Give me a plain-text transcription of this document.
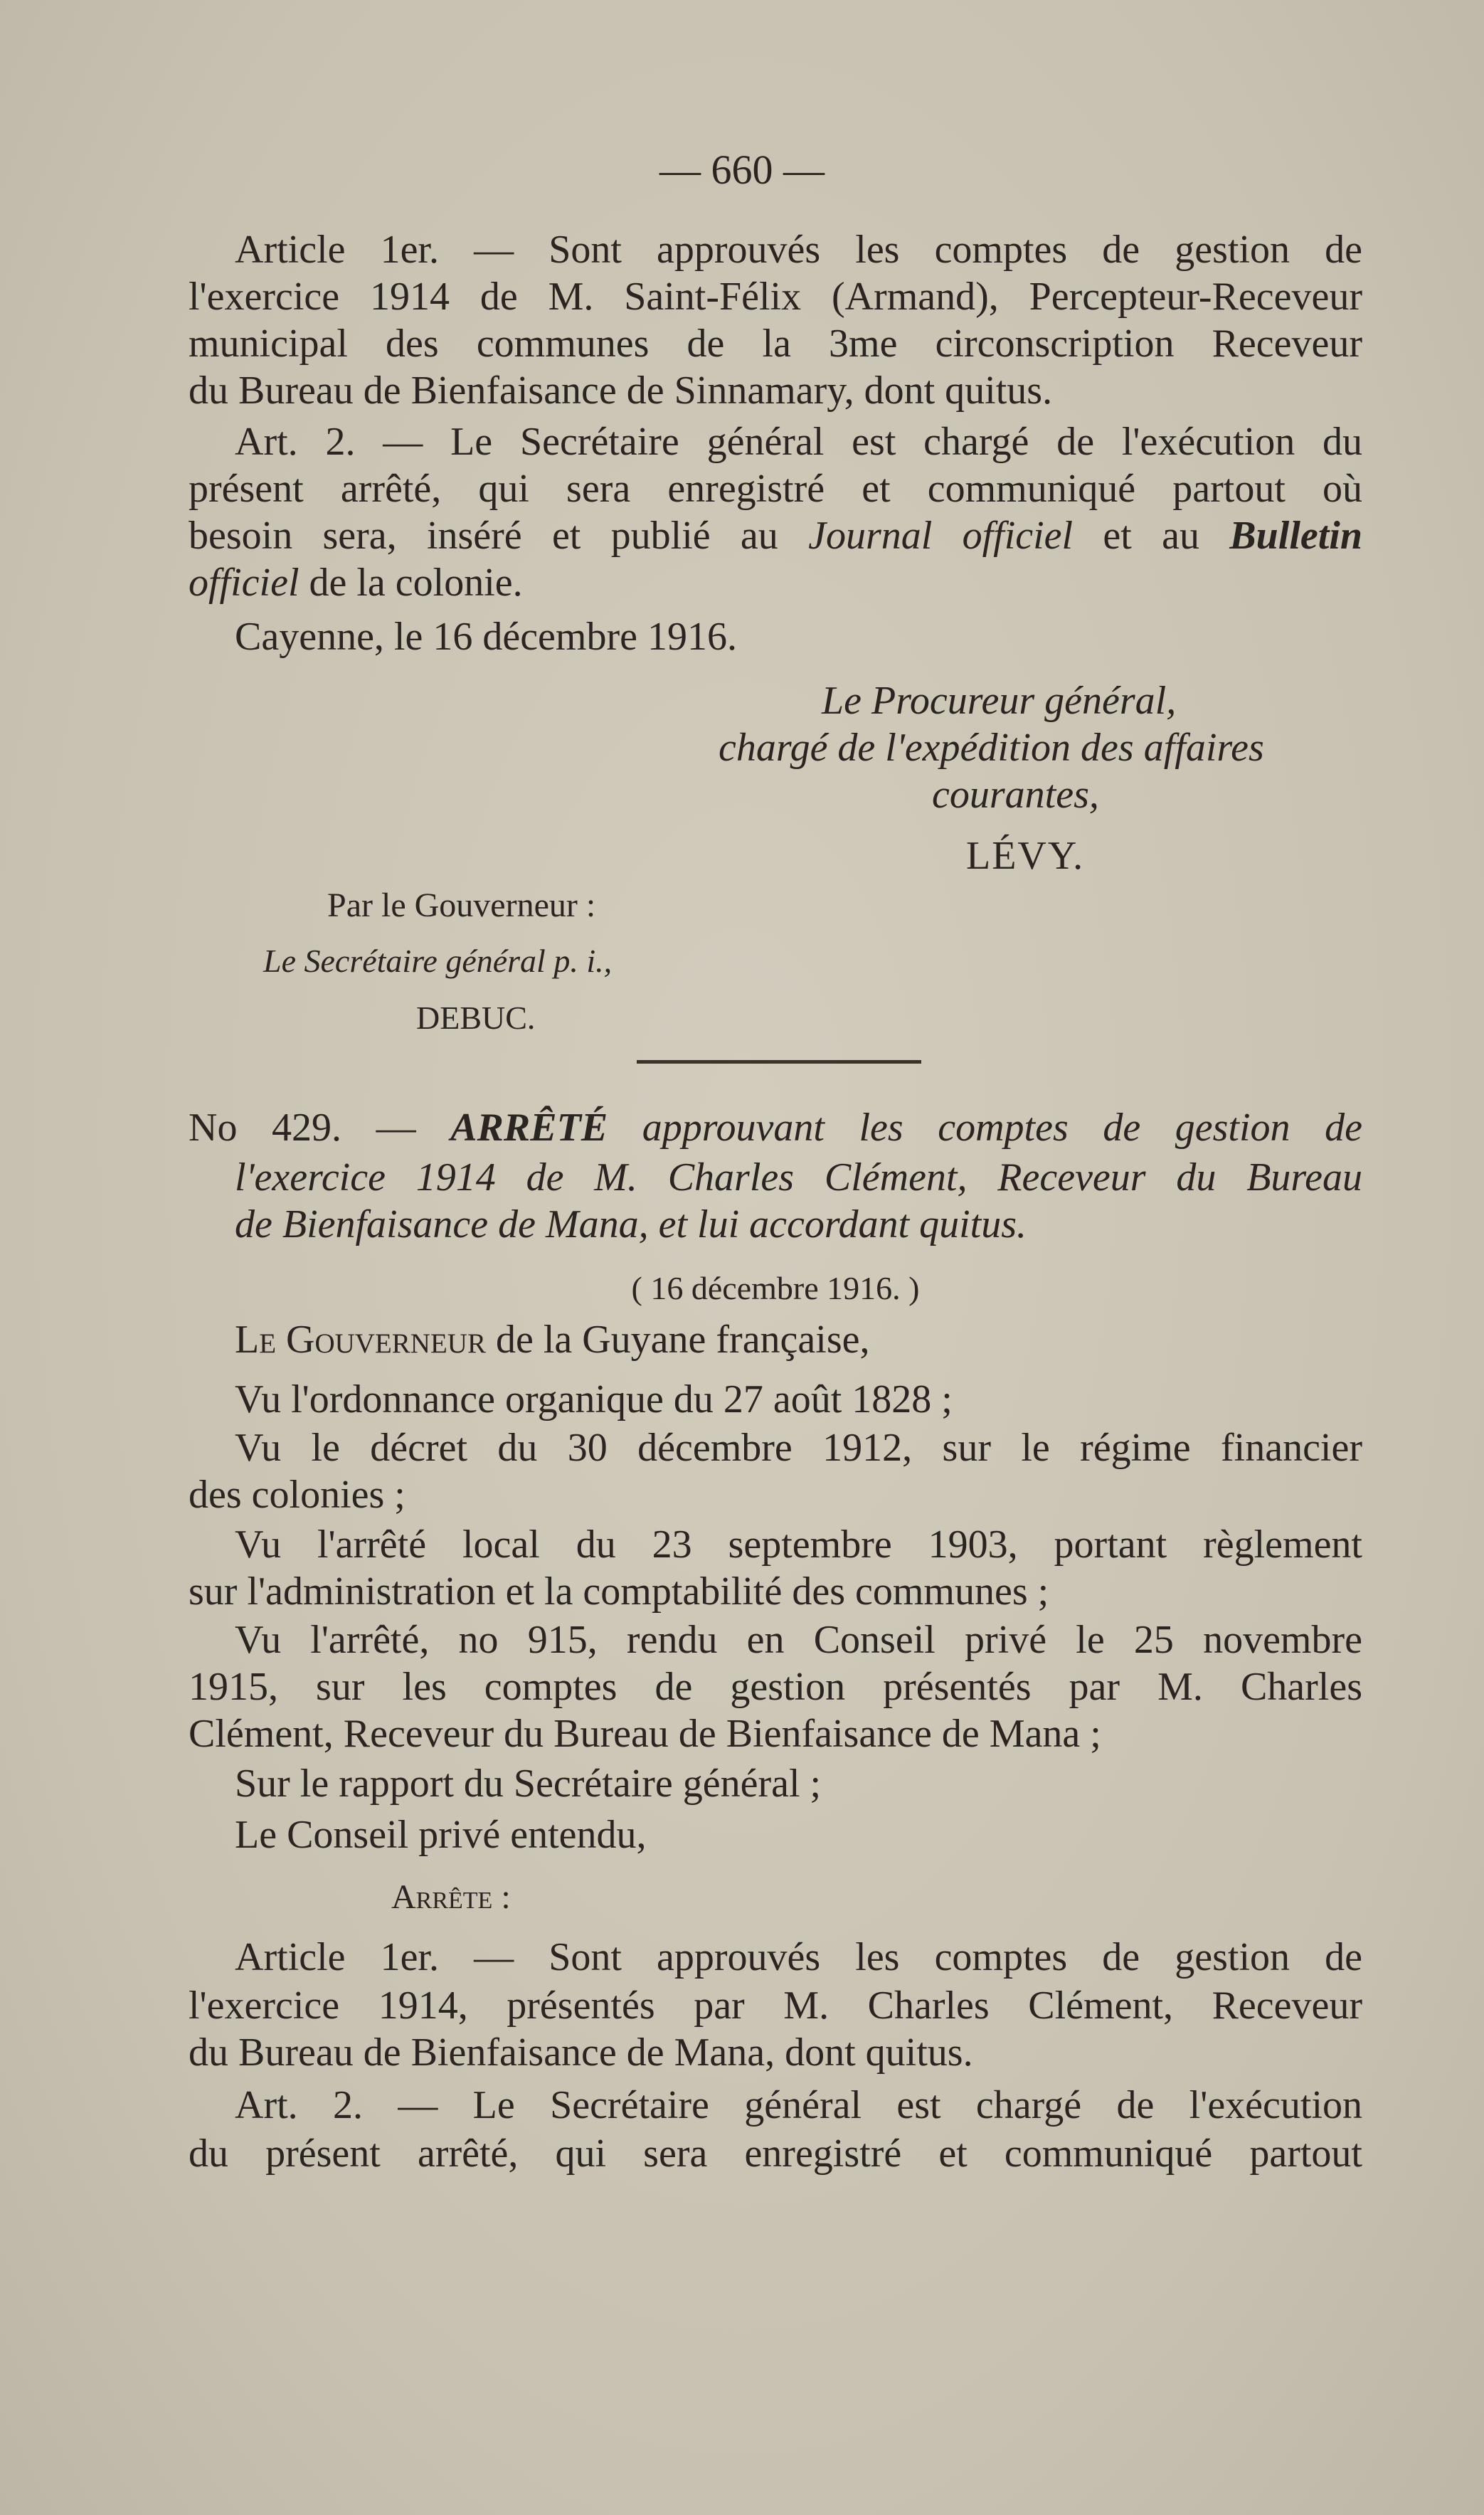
— 660 —
Article 1er. — Sont approuvés les comptes de gestion de
l'exercice 1914 de M. Saint-Félix (Armand), Percepteur-Receveur
municipal des communes de la 3me circonscription Receveur
du Bureau de Bienfaisance de Sinnamary, dont quitus.
Art. 2. — Le Secrétaire général est chargé de l'exécution du
présent arrêté, qui sera enregistré et communiqué partout où
besoin sera, inséré et publié au Journal officiel et au Bulletin
officiel de la colonie.
Cayenne, le 16 décembre 1916.
Le Procureur général,
chargé de l'expédition des affaires
courantes,
LÉVY.
Par le Gouverneur :
Le Secrétaire général p. i.,
DEBUC.
No 429. — ARRÊTÉ approuvant les comptes de gestion de
l'exercice 1914 de M. Charles Clément, Receveur du Bureau
de Bienfaisance de Mana, et lui accordant quitus.
( 16 décembre 1916. )
Le Gouverneur de la Guyane française,
Vu l'ordonnance organique du 27 août 1828 ;
Vu le décret du 30 décembre 1912, sur le régime financier
des colonies ;
Vu l'arrêté local du 23 septembre 1903, portant règlement
sur l'administration et la comptabilité des communes ;
Vu l'arrêté, no 915, rendu en Conseil privé le 25 novembre
1915, sur les comptes de gestion présentés par M. Charles
Clément, Receveur du Bureau de Bienfaisance de Mana ;
Sur le rapport du Secrétaire général ;
Le Conseil privé entendu,
Arrête :
Article 1er. — Sont approuvés les comptes de gestion de
l'exercice 1914, présentés par M. Charles Clément, Receveur
du Bureau de Bienfaisance de Mana, dont quitus.
Art. 2. — Le Secrétaire général est chargé de l'exécution
du présent arrêté, qui sera enregistré et communiqué partout
